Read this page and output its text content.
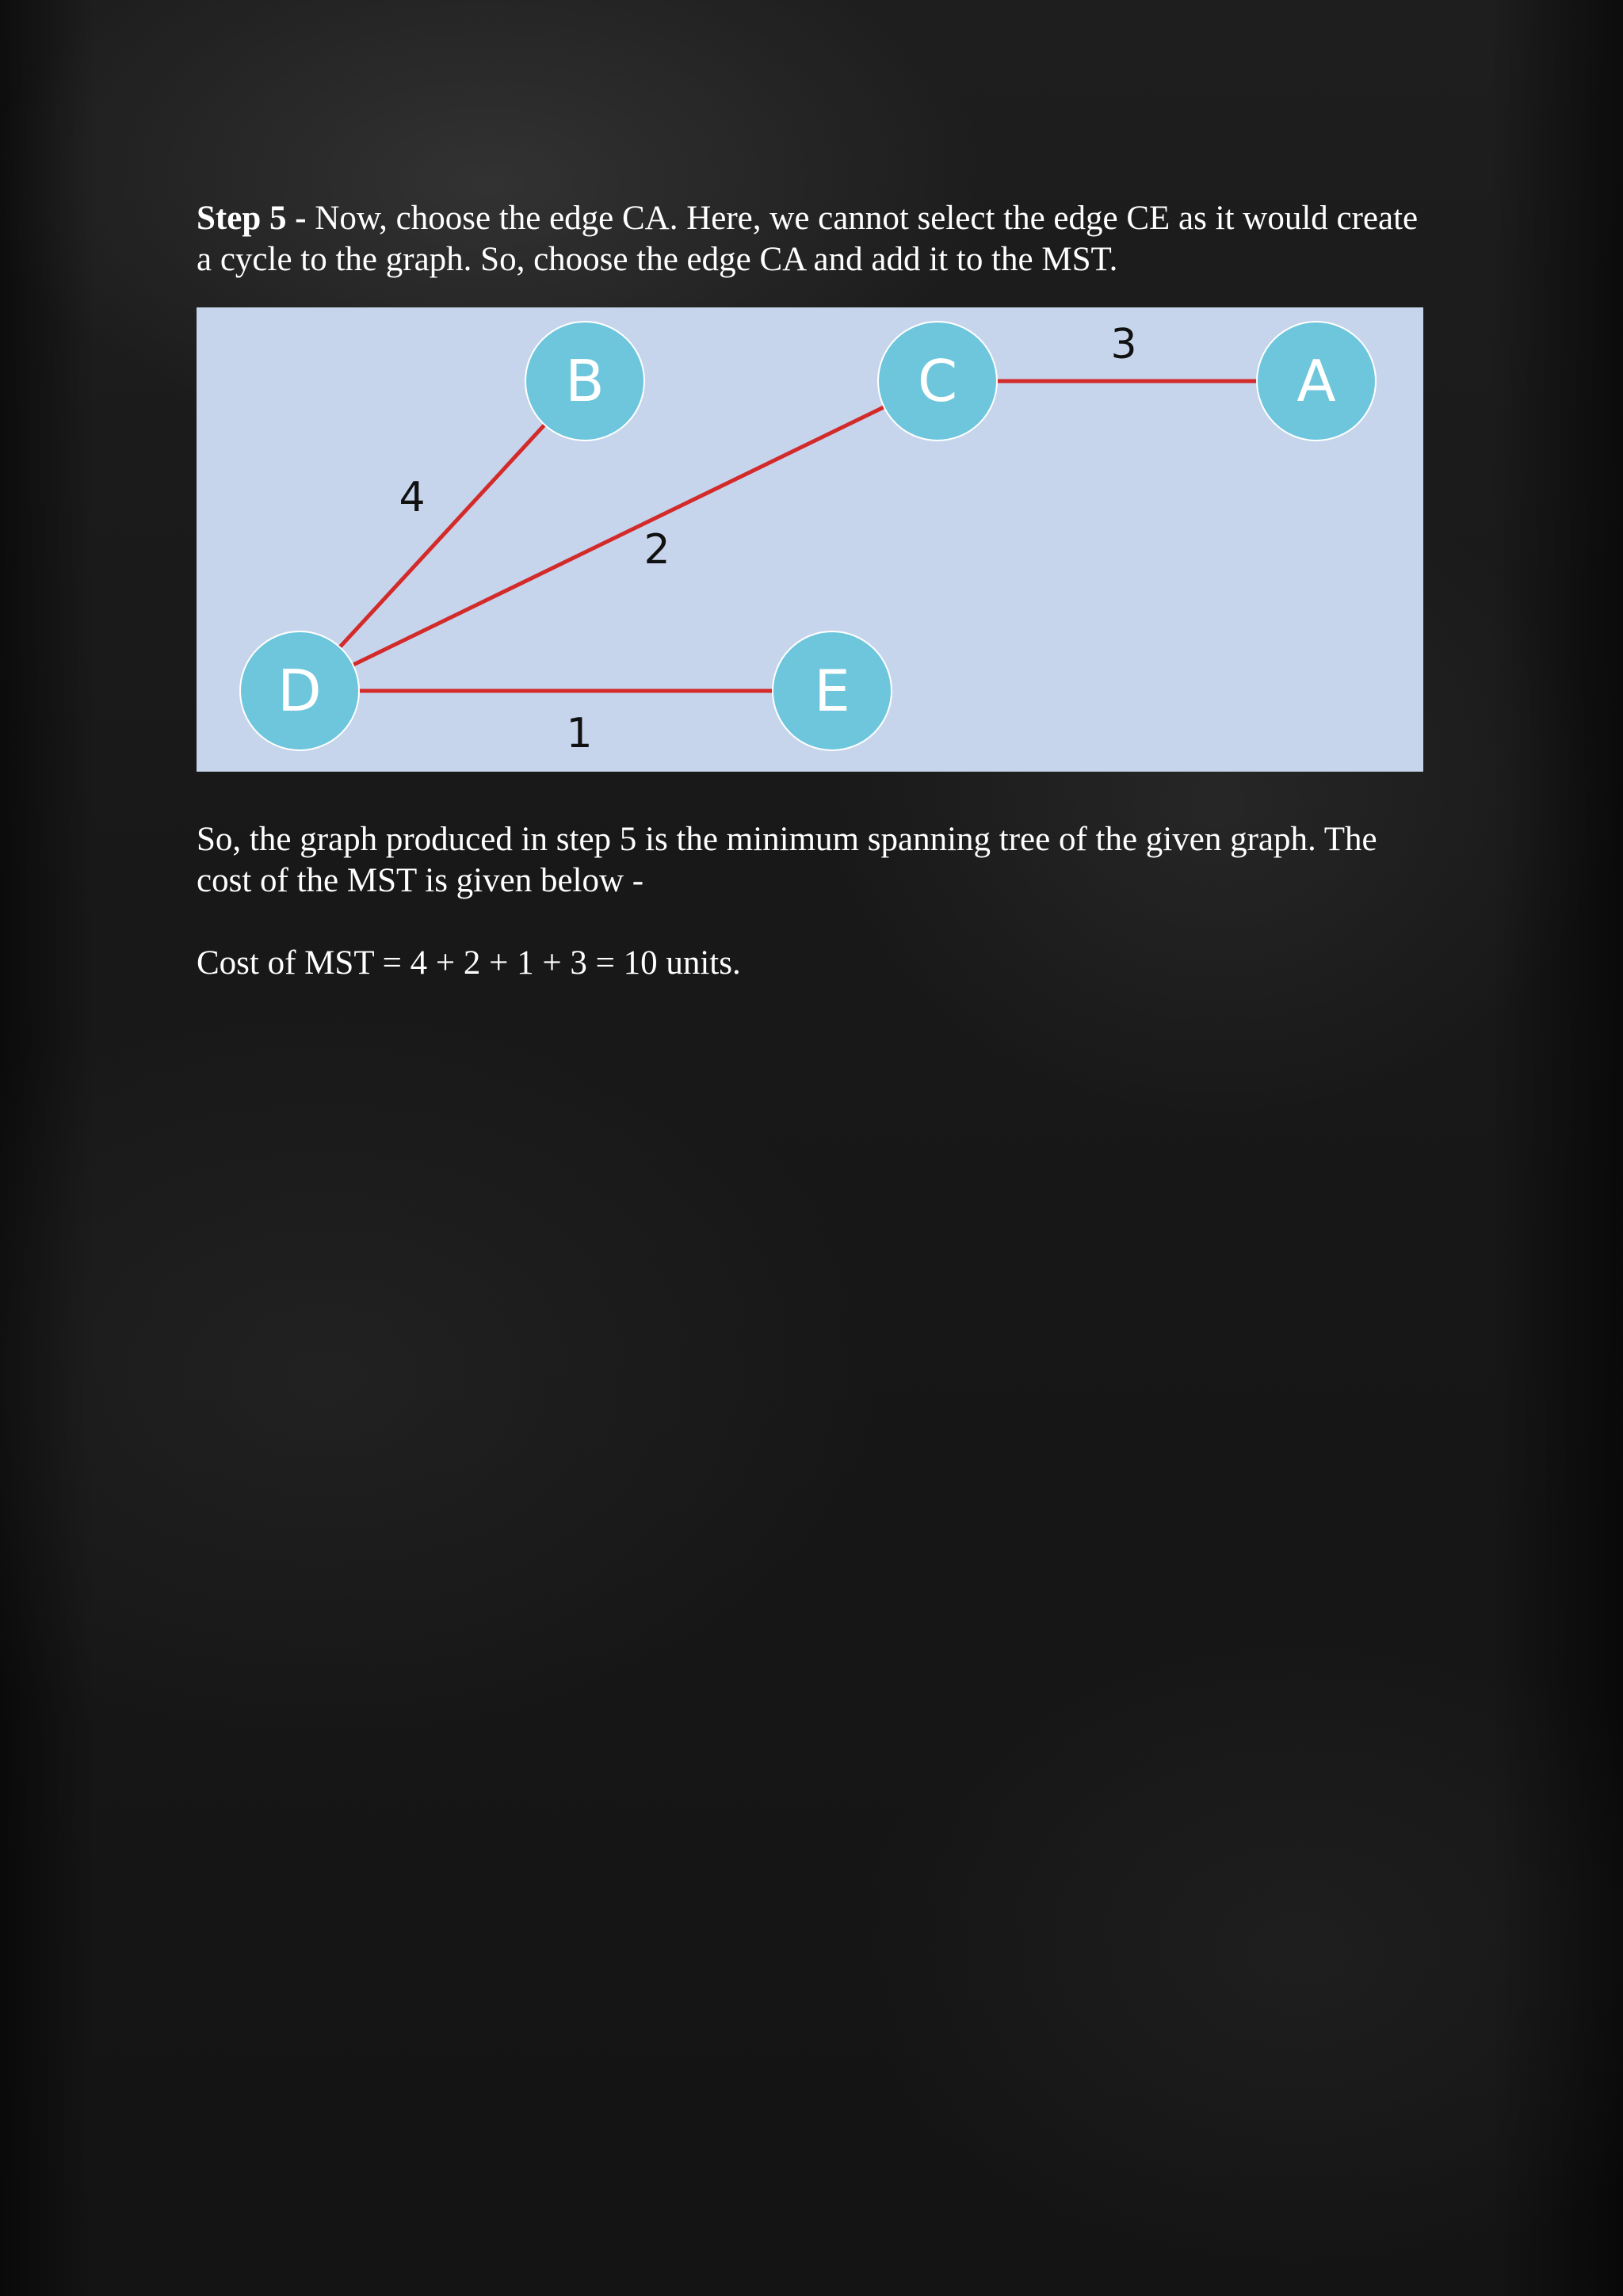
Step 5 - Now, choose the edge CA. Here, we cannot select the edge CE as it would create a cycle to the graph. So, choose the edge CA and add it to the MST.

4
2
3
1
B	C	A
D	E

So, the graph produced in step 5 is the minimum spanning tree of the given graph. The cost of the MST is given below -

Cost of MST = 4 + 2 + 1 + 3 = 10 units.
